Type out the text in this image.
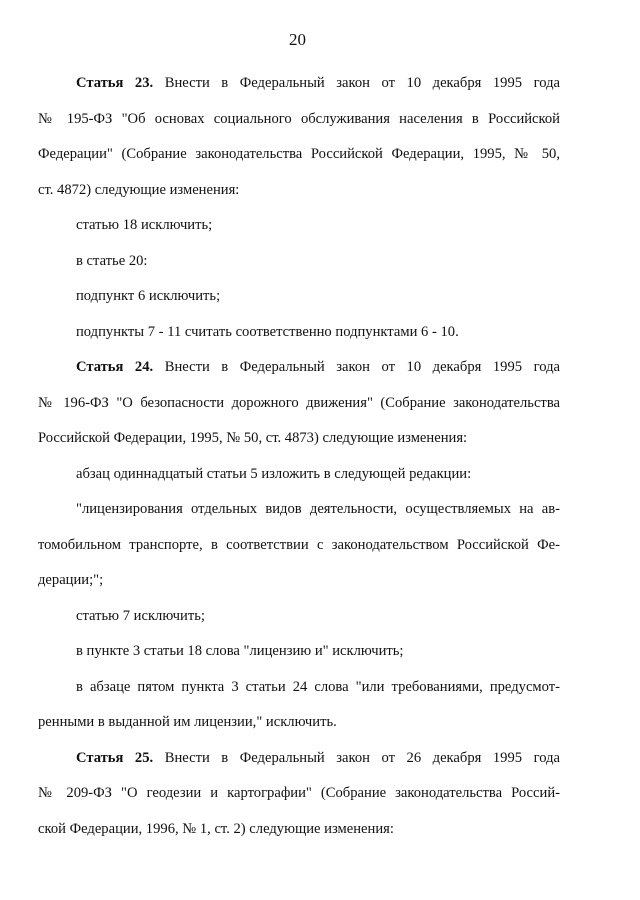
20
Статья 23. Внести в Федеральный закон от 10 декабря 1995 года
№ 195-ФЗ "Об основах социального обслуживания населения в Российской
Федерации" (Собрание законодательства Российской Федерации, 1995, № 50,
ст. 4872) следующие изменения:
статью 18 исключить;
в статье 20:
подпункт 6 исключить;
подпункты 7 - 11 считать соответственно подпунктами 6 - 10.
Статья 24. Внести в Федеральный закон от 10 декабря 1995 года
№ 196-ФЗ "О безопасности дорожного движения" (Собрание законодательства
Российской Федерации, 1995, № 50, ст. 4873) следующие изменения:
абзац одиннадцатый статьи 5 изложить в следующей редакции:
"лицензирования отдельных видов деятельности, осуществляемых на ав-
томобильном транспорте, в соответствии с законодательством Российской Фе-
дерации;";
статью 7 исключить;
в пункте 3 статьи 18 слова "лицензию и" исключить;
в абзаце пятом пункта 3 статьи 24 слова "или требованиями, предусмот-
ренными в выданной им лицензии," исключить.
Статья 25. Внести в Федеральный закон от 26 декабря 1995 года
№ 209-ФЗ "О геодезии и картографии" (Собрание законодательства Россий-
ской Федерации, 1996, № 1, ст. 2) следующие изменения:
